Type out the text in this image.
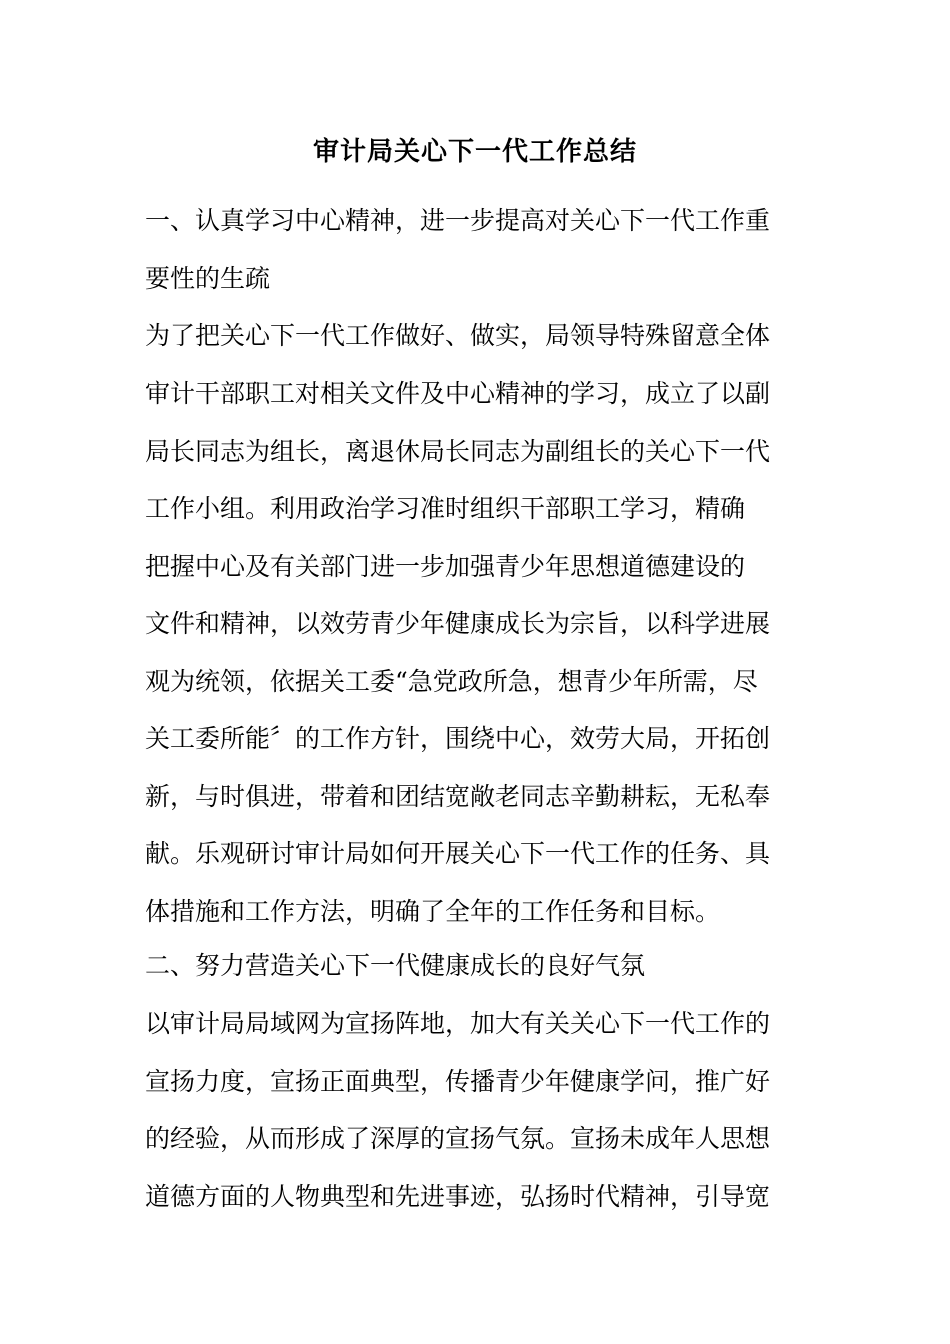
审计局关心下一代工作总结
一、认真学习中心精神，进一步提高对关心下一代工作重
要性的生疏
为了把关心下一代工作做好、做实，局领导特殊留意全体
审计干部职工对相关文件及中心精神的学习，成立了以副
局长同志为组长，离退休局长同志为副组长的关心下一代
工作小组。利用政治学习准时组织干部职工学习，精确
把握中心及有关部门进一步加强青少年思想道德建设的
文件和精神，以效劳青少年健康成长为宗旨，以科学进展
观为统领，依据关工委“急党政所急，想青少年所需，尽
关工委所能〞的工作方针，围绕中心，效劳大局，开拓创
新，与时俱进，带着和团结宽敞老同志辛勤耕耘，无私奉
献。乐观研讨审计局如何开展关心下一代工作的任务、具
体措施和工作方法，明确了全年的工作任务和目标。
二、努力营造关心下一代健康成长的良好气氛
以审计局局域网为宣扬阵地，加大有关关心下一代工作的
宣扬力度，宣扬正面典型，传播青少年健康学问，推广好
的经验，从而形成了深厚的宣扬气氛。宣扬未成年人思想
道德方面的人物典型和先进事迹，弘扬时代精神，引导宽
